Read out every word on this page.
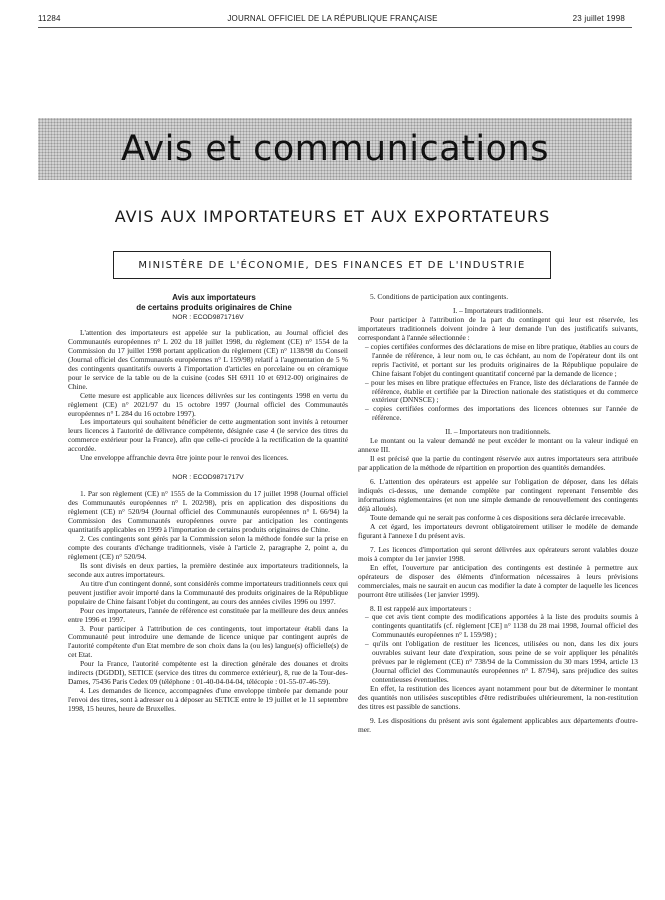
11284	JOURNAL OFFICIEL DE LA RÉPUBLIQUE FRANÇAISE	23 juillet 1998
Avis et communications
AVIS AUX IMPORTATEURS ET AUX EXPORTATEURS
MINISTÈRE DE L'ÉCONOMIE, DES FINANCES ET DE L'INDUSTRIE

Avis aux importateurs

de certains produits originaires de Chine

NOR : ECOD9871716V

L'attention des importateurs est appelée sur la publication, au Journal officiel des Communautés européennes n° L 202 du 18 juillet 1998, du règlement (CE) n° 1554 de la Commission du 17 juillet 1998 portant application du règlement (CE) n° 1138/98 du Conseil (Journal officiel des Communautés européennes n° L 159/98) relatif à l'augmentation de 5 % des contingents quantitatifs ouverts à l'importation d'articles en porcelaine ou en céramique pour le service de la table ou de la cuisine (codes SH 6911 10 et 6912-00) originaires de Chine.

Cette mesure est applicable aux licences délivrées sur les contingents 1998 en vertu du règlement (CE) n° 2021/97 du 15 octobre 1997 (Journal officiel des Communautés européennes n° L 284 du 16 octobre 1997).

Les importateurs qui souhaitent bénéficier de cette augmentation sont invités à retourner leurs licences à l'autorité de délivrance compétente, désignée case 4 (le service des titres du commerce extérieur pour la France), afin que celle-ci procède à la rectification de la quantité accordée.

Une enveloppe affranchie devra être jointe pour le renvoi des licences.

NOR : ECOD9871717V

1. Par son règlement (CE) n° 1555 de la Commission du 17 juillet 1998 (Journal officiel des Communautés européennes n° L 202/98), pris en application des dispositions du règlement (CE) n° 520/94 (Journal officiel des Communautés européennes n° L 66/94) la Commission des Communautés européennes ouvre par anticipation les contingents quantitatifs applicables en 1999 à l'importation de certains produits originaires de Chine.

2. Ces contingents sont gérés par la Commission selon la méthode fondée sur la prise en compte des courants d'échange traditionnels, visée à l'article 2, paragraphe 2, point a, du règlement (CE) n° 520/94.

Ils sont divisés en deux parties, la première destinée aux importateurs traditionnels, la seconde aux autres importateurs.

Au titre d'un contingent donné, sont considérés comme importateurs traditionnels ceux qui peuvent justifier avoir importé dans la Communauté des produits originaires de la République populaire de Chine faisant l'objet du contingent, au cours des années civiles 1996 ou 1997.

Pour ces importateurs, l'année de référence est constituée par la meilleure des deux années entre 1996 et 1997.

3. Pour participer à l'attribution de ces contingents, tout importateur établi dans la Communauté peut introduire une demande de licence unique par contingent auprès de l'autorité compétente d'un Etat membre de son choix dans la (ou les) langue(s) officielle(s) de cet Etat.

Pour la France, l'autorité compétente est la direction générale des douanes et droits indirects (DGDDI), SETICE (service des titres du commerce extérieur), 8, rue de la Tour-des-Dames, 75436 Paris Cedex 09 (téléphone : 01-40-04-04-04, télécopie : 01-55-07-46-59).

4. Les demandes de licence, accompagnées d'une enveloppe timbrée par demande pour l'envoi des titres, sont à adresser ou à déposer au SETICE entre le 19 juillet et le 11 septembre 1998, 15 heures, heure de Bruxelles.

5. Conditions de participation aux contingents.

I. – Importateurs traditionnels.

Pour participer à l'attribution de la part du contingent qui leur est réservée, les importateurs traditionnels doivent joindre à leur demande l'un des justificatifs suivants, correspondant à l'année sélectionnée :

– copies certifiées conformes des déclarations de mise en libre pratique, établies au cours de l'année de référence, à leur nom ou, le cas échéant, au nom de l'opérateur dont ils ont repris l'activité, et portant sur les produits originaires de la République populaire de Chine faisant l'objet du contingent quantitatif concerné par la demande de licence ;
– pour les mises en libre pratique effectuées en France, liste des déclarations de l'année de référence, établie et certifiée par la Direction nationale des statistiques et du commerce extérieur (DNNSCE) ;
– copies certifiées conformes des importations des licences obtenues sur l'année de référence.

II. – Importateurs non traditionnels.

Le montant ou la valeur demandé ne peut excéder le montant ou la valeur indiqué en annexe III.

Il est précisé que la partie du contingent réservée aux autres importateurs sera attribuée par application de la méthode de répartition en proportion des quantités demandées.

6. L'attention des opérateurs est appelée sur l'obligation de déposer, dans les délais indiqués ci-dessus, une demande complète par contingent reprenant l'ensemble des informations réglementaires (et non une simple demande de renouvellement des contingents déjà alloués).

Toute demande qui ne serait pas conforme à ces dispositions sera déclarée irrecevable.

A cet égard, les importateurs devront obligatoirement utiliser le modèle de demande figurant à l'annexe I du présent avis.

7. Les licences d'importation qui seront délivrées aux opérateurs seront valables douze mois à compter du 1er janvier 1998.

En effet, l'ouverture par anticipation des contingents est destinée à permettre aux opérateurs de disposer des éléments d'information nécessaires à leurs prévisions commerciales, mais ne saurait en aucun cas modifier la date à compter de laquelle les licences pourront être utilisées (1er janvier 1999).

8. Il est rappelé aux importateurs :

– que cet avis tient compte des modifications apportées à la liste des produits soumis à contingents quantitatifs (cf. règlement [CE] n° 1138 du 28 mai 1998, Journal officiel des Communautés européennes n° L 159/98) ;
– qu'ils ont l'obligation de restituer les licences, utilisées ou non, dans les dix jours ouvrables suivant leur date d'expiration, sous peine de se voir appliquer les pénalités prévues par le règlement (CE) n° 738/94 de la Commission du 30 mars 1994, article 13 (Journal officiel des Communautés européennes n° L 87/94), sans préjudice des suites contentieuses éventuelles.

En effet, la restitution des licences ayant notamment pour but de déterminer le montant des quantités non utilisées susceptibles d'être redistribuées ultérieurement, la non-restitution des titres est passible de sanctions.

9. Les dispositions du présent avis sont également applicables aux départements d'outre-mer.
